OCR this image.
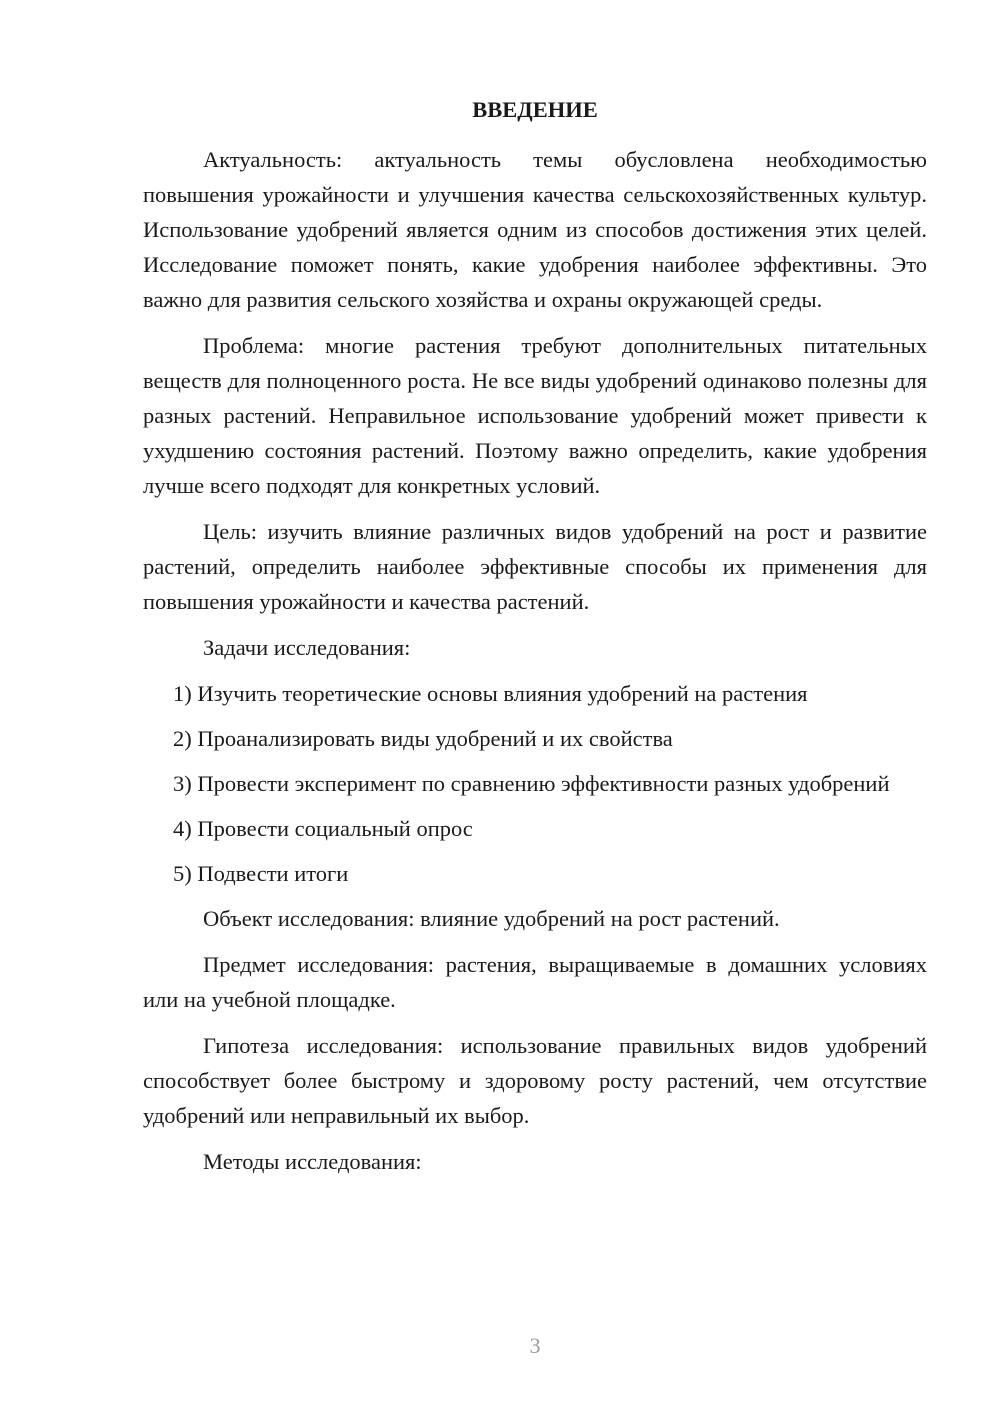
ВВЕДЕНИЕ
Актуальность: актуальность темы обусловлена необходимостью повышения урожайности и улучшения качества сельскохозяйственных культур. Использование удобрений является одним из способов достижения этих целей. Исследование поможет понять, какие удобрения наиболее эффективны. Это важно для развития сельского хозяйства и охраны окружающей среды.
Проблема: многие растения требуют дополнительных питательных веществ для полноценного роста. Не все виды удобрений одинаково полезны для разных растений. Неправильное использование удобрений может привести к ухудшению состояния растений. Поэтому важно определить, какие удобрения лучше всего подходят для конкретных условий.
Цель: изучить влияние различных видов удобрений на рост и развитие растений, определить наиболее эффективные способы их применения для повышения урожайности и качества растений.
Задачи исследования:
1) Изучить теоретические основы влияния удобрений на растения
2) Проанализировать виды удобрений и их свойства
3) Провести эксперимент по сравнению эффективности разных удобрений
4) Провести социальный опрос
5) Подвести итоги
Объект исследования: влияние удобрений на рост растений.
Предмет исследования: растения, выращиваемые в домашних условиях или на учебной площадке.
Гипотеза исследования: использование правильных видов удобрений способствует более быстрому и здоровому росту растений, чем отсутствие удобрений или неправильный их выбор.
Методы исследования:
3
